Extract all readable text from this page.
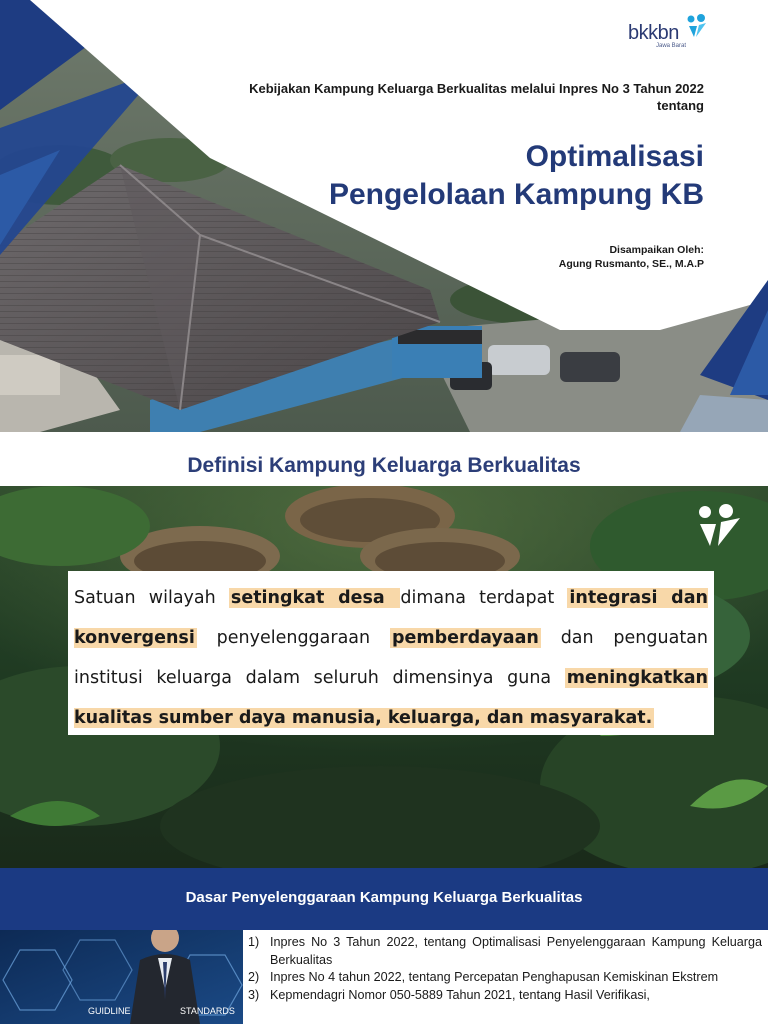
bkkbn
Jawa Barat
Kebijakan Kampung Keluarga Berkualitas melalui Inpres No 3 Tahun 2022
tentang
Optimalisasi
Pengelolaan Kampung KB
Disampaikan Oleh:
Agung Rusmanto, SE., M.A.P
Definisi Kampung Keluarga Berkualitas
Satuan wilayah setingkat desa dimana terdapat integrasi dan konvergensi penyelenggaraan pemberdayaan dan penguatan institusi keluarga dalam seluruh dimensinya guna meningkatkan kualitas sumber daya manusia, keluarga, dan masyarakat.
Dasar Penyelenggaraan Kampung Keluarga Berkualitas
GUIDLINE	STANDARDS
1) Inpres No 3 Tahun 2022, tentang Optimalisasi Penyelenggaraan Kampung Keluarga Berkualitas
2) Inpres No 4 tahun 2022, tentang Percepatan Penghapusan Kemiskinan Ekstrem
3) Kepmendagri Nomor 050-5889 Tahun 2021, tentang Hasil Verifikasi,
